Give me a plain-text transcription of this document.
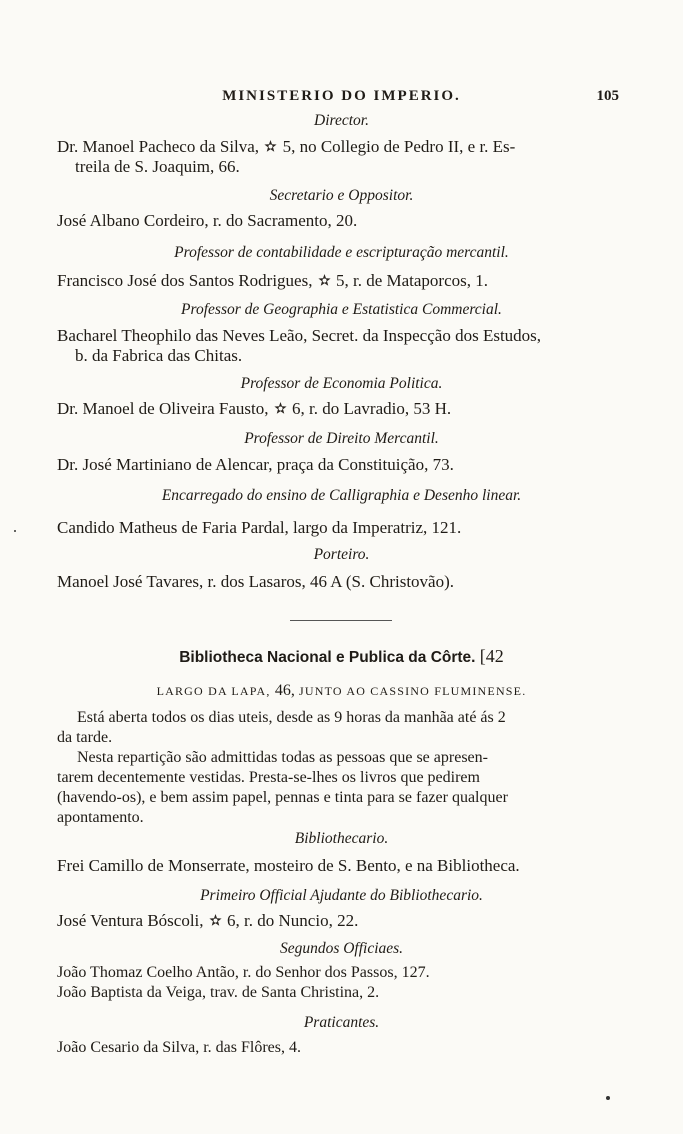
MINISTERIO DO IMPERIO.	105
Director.
Dr. Manoel Pacheco da Silva, 5, no Collegio de Pedro II, e r. Es-
treila de S. Joaquim, 66.
Secretario e Oppositor.
José Albano Cordeiro, r. do Sacramento, 20.
Professor de contabilidade e escripturação mercantil.
Francisco José dos Santos Rodrigues, 5, r. de Mataporcos, 1.
Professor de Geographia e Estatistica Commercial.
Bacharel Theophilo das Neves Leão, Secret. da Inspecção dos Estudos,
b. da Fabrica das Chitas.
Professor de Economia Politica.
Dr. Manoel de Oliveira Fausto, 6, r. do Lavradio, 53 H.
Professor de Direito Mercantil.
Dr. José Martiniano de Alencar, praça da Constituição, 73.
Encarregado do ensino de Calligraphia e Desenho linear.
Candido Matheus de Faria Pardal, largo da Imperatriz, 121.
Porteiro.
Manoel José Tavares, r. dos Lasaros, 46 A (S. Christovão).
Bibliotheca Nacional e Publica da Côrte. [42
LARGO DA LAPA, 46, JUNTO AO CASSINO FLUMINENSE.
Está aberta todos os dias uteis, desde as 9 horas da manhãa até ás 2
da tarde.
Nesta repartição são admittidas todas as pessoas que se apresen-
tarem decentemente vestidas. Presta-se-lhes os livros que pedirem
(havendo-os), e bem assim papel, pennas e tinta para se fazer qualquer
apontamento.
Bibliothecario.
Frei Camillo de Monserrate, mosteiro de S. Bento, e na Bibliotheca.
Primeiro Official Ajudante do Bibliothecario.
José Ventura Bóscoli, 6, r. do Nuncio, 22.
Segundos Officiaes.
João Thomaz Coelho Antão, r. do Senhor dos Passos, 127.
João Baptista da Veiga, trav. de Santa Christina, 2.
Praticantes.
João Cesario da Silva, r. das Flôres, 4.
